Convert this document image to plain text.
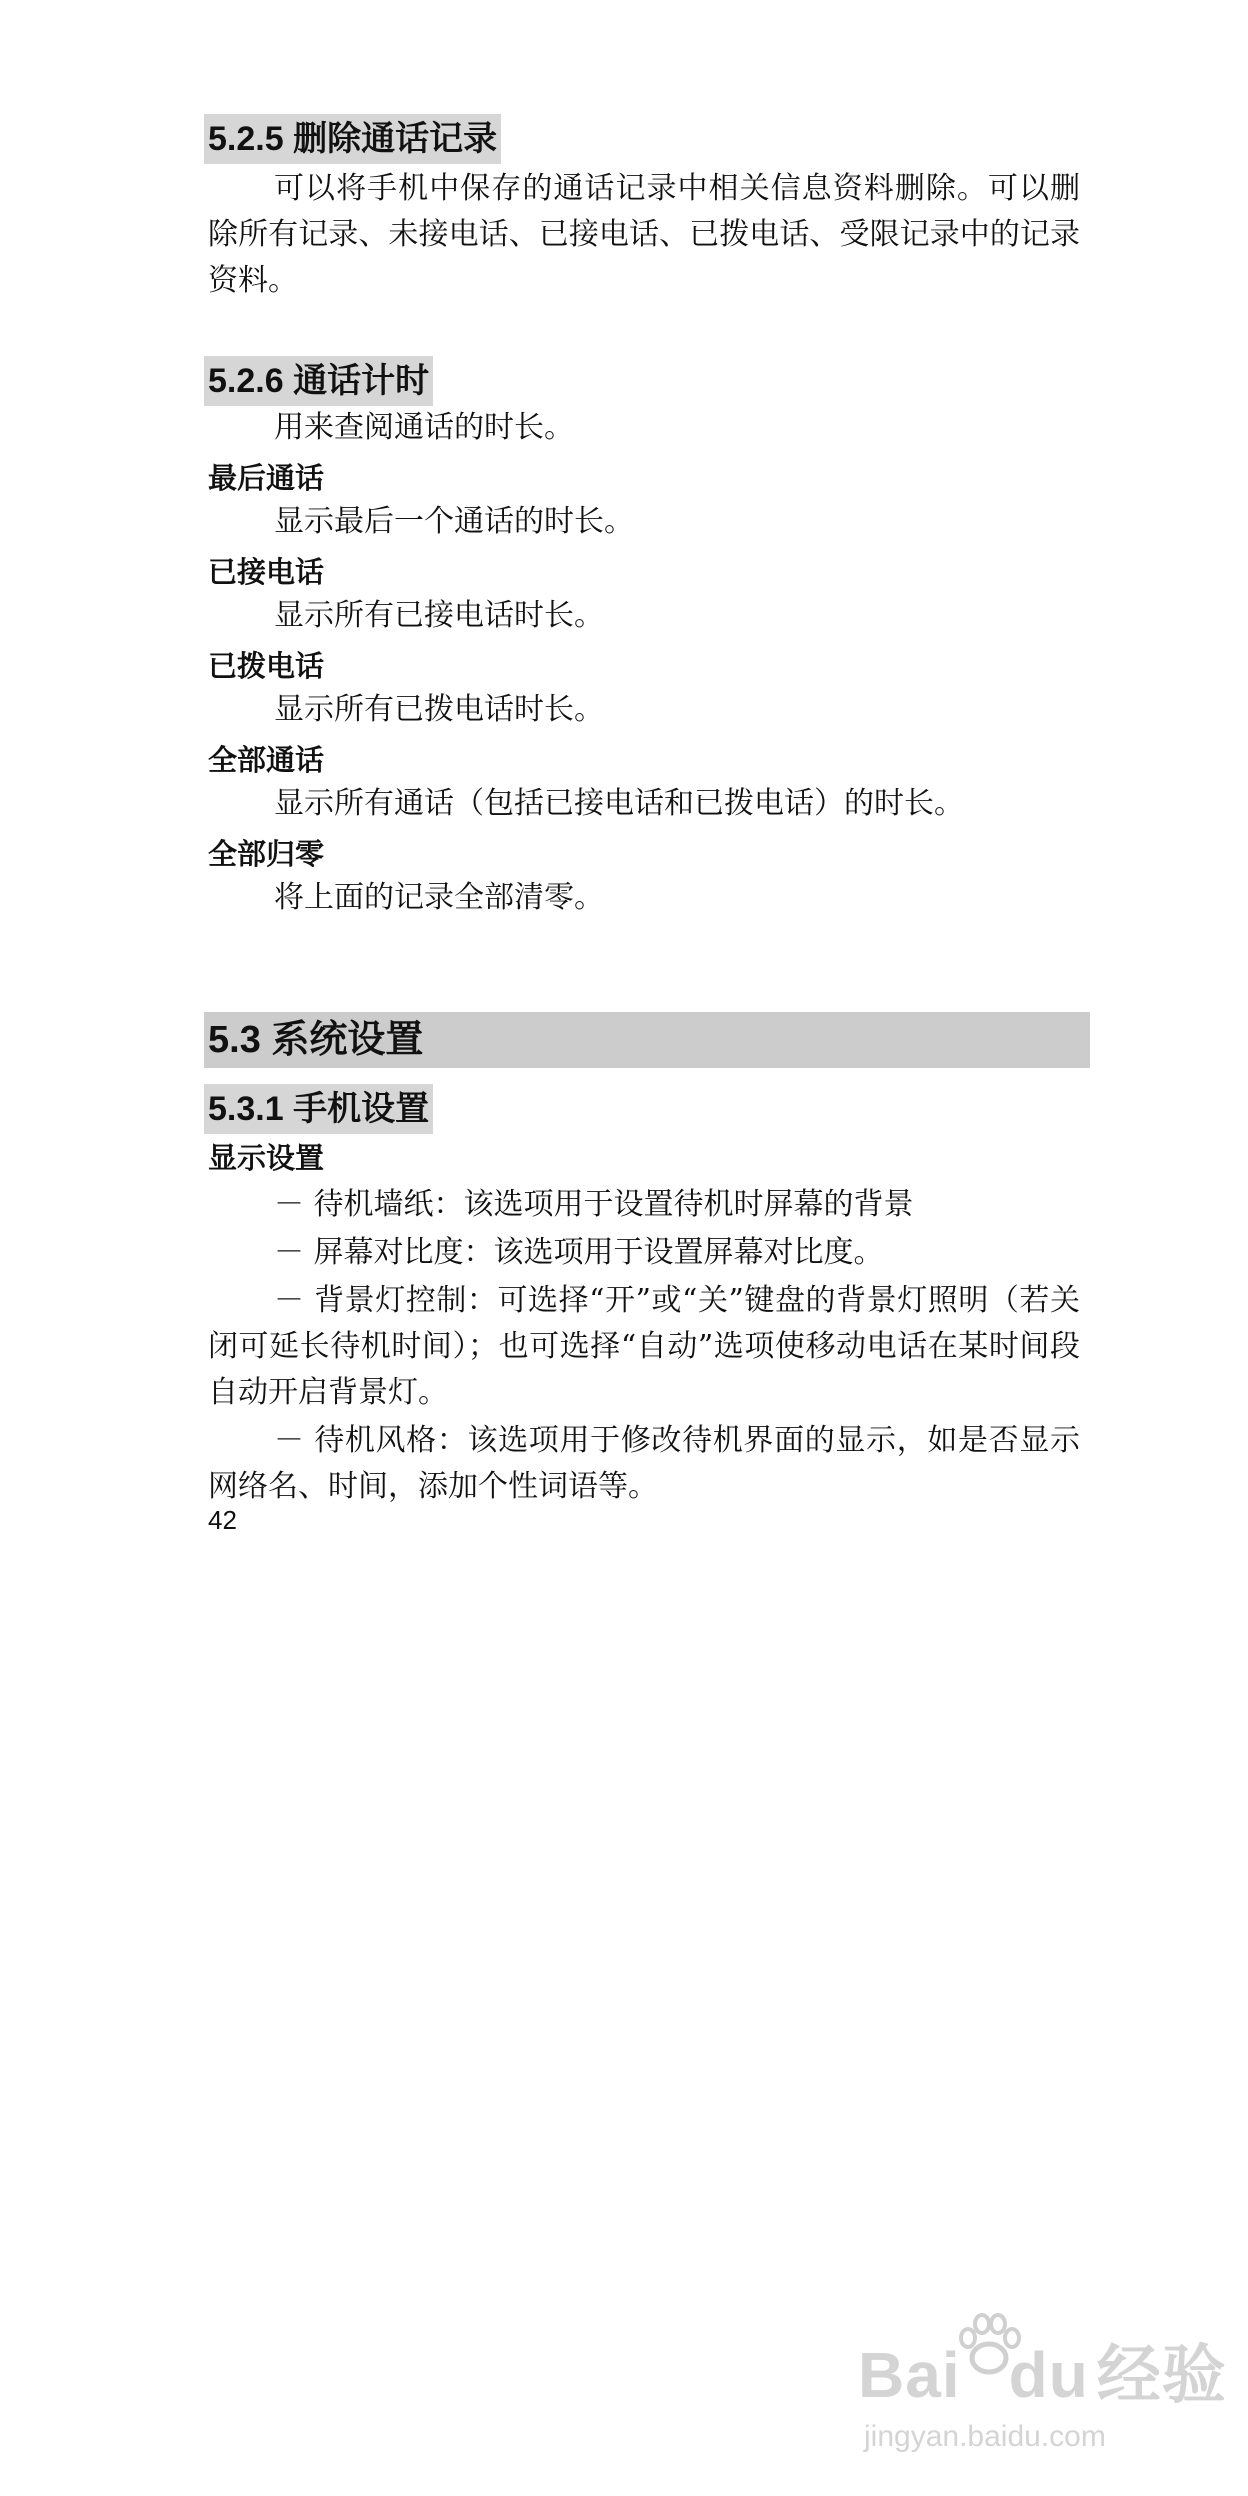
5.2.5 删除通话记录

可以将手机中保存的通话记录中相关信息资料删除。可以删除所有记录、未接电话、已接电话、已拨电话、受限记录中的记录资料。

5.2.6 通话计时
用来查阅通话的时长。
最后通话
显示最后一个通话的时长。
已接电话
显示所有已接电话时长。
已拨电话
显示所有已拨电话时长。
全部通话
显示所有通话（包括已接电话和已拨电话）的时长。
全部归零
将上面的记录全部清零。
5.3 系统设置
5.3.1 手机设置
显示设置

－ 待机墙纸：该选项用于设置待机时屏幕的背景

－ 屏幕对比度：该选项用于设置屏幕对比度。

－ 背景灯控制：可选择“开”或“关”键盘的背景灯照明（若关闭可延长待机时间）；也可选择“自动”选项使移动电话在某时间段自动开启背景灯。

－ 待机风格：该选项用于修改待机界面的显示，如是否显示网络名、时间，添加个性词语等。

42
Bai du 经验
jingyan.baidu.com
